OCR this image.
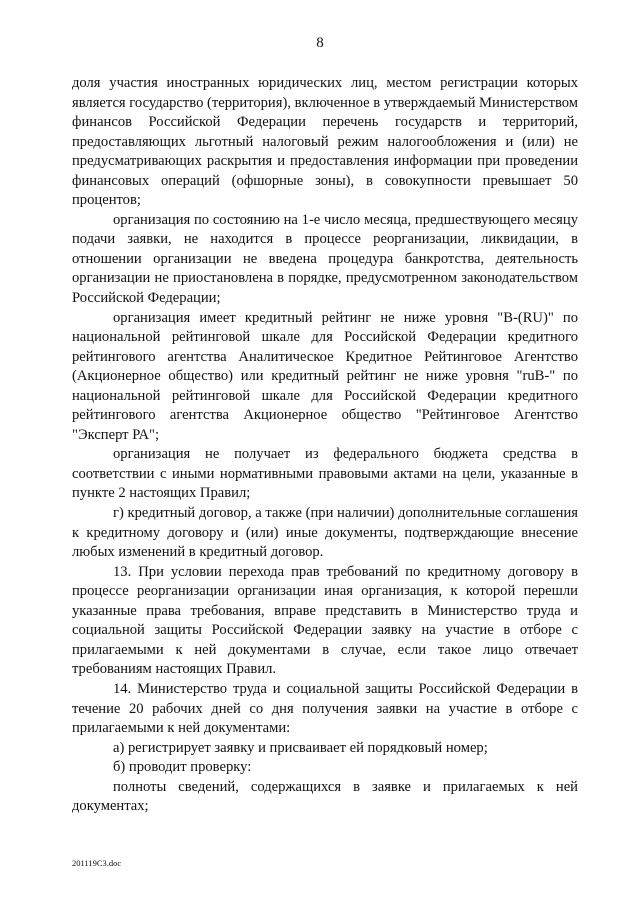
8

доля участия иностранных юридических лиц, местом регистрации которых является государство (территория), включенное в утверждаемый Министерством финансов Российской Федерации перечень государств и территорий, предоставляющих льготный налоговый режим налогообложения и (или) не предусматривающих раскрытия и предоставления информации при проведении финансовых операций (офшорные зоны), в совокупности превышает 50 процентов;

организация по состоянию на 1-е число месяца, предшествующего месяцу подачи заявки, не находится в процессе реорганизации, ликвидации, в отношении организации не введена процедура банкротства, деятельность организации не приостановлена в порядке, предусмотренном законодательством Российской Федерации;

организация имеет кредитный рейтинг не ниже уровня "B-(RU)" по национальной рейтинговой шкале для Российской Федерации кредитного рейтингового агентства Аналитическое Кредитное Рейтинговое Агентство (Акционерное общество) или кредитный рейтинг не ниже уровня "ruB-" по национальной рейтинговой шкале для Российской Федерации кредитного рейтингового агентства Акционерное общество "Рейтинговое Агентство "Эксперт РА";

организация не получает из федерального бюджета средства в соответствии с иными нормативными правовыми актами на цели, указанные в пункте 2 настоящих Правил;

г) кредитный договор, а также (при наличии) дополнительные соглашения к кредитному договору и (или) иные документы, подтверждающие внесение любых изменений в кредитный договор.

13. При условии перехода прав требований по кредитному договору в процессе реорганизации организации иная организация, к которой перешли указанные права требования, вправе представить в Министерство труда и социальной защиты Российской Федерации заявку на участие в отборе с прилагаемыми к ней документами в случае, если такое лицо отвечает требованиям настоящих Правил.

14. Министерство труда и социальной защиты Российской Федерации в течение 20 рабочих дней со дня получения заявки на участие в отборе с прилагаемыми к ней документами:

а) регистрирует заявку и присваивает ей порядковый номер;

б) проводит проверку:

полноты сведений, содержащихся в заявке и прилагаемых к ней документах;

201119С3.doc
